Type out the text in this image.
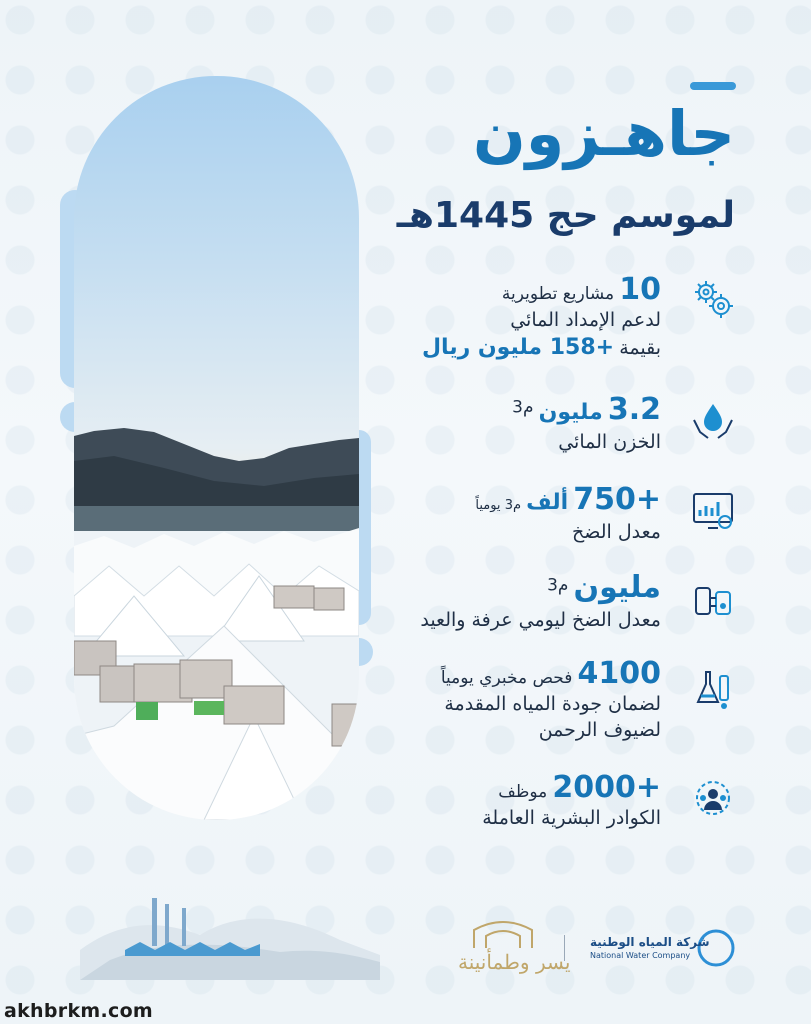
جاهـزون
لموسم حج 1445هـ
10 مشاريع تطويرية
لدعم الإمداد المائي
بقيمة +158 مليون ريال
3.2 مليون $^{م3}$
الخزن المائي
+750 ألف م3 يومياً
معدل الضخ
مليون $^{م3}$
معدل الضخ ليومي عرفة والعيد
4100 فحص مخبري يومياً
لضمان جودة المياه المقدمة
لضيوف الرحمن
+2000 موظف
الكوادر البشرية العاملة
شركة المياه الوطنية
National Water Company
يسر وطمأنينة
akhbrkm.com
